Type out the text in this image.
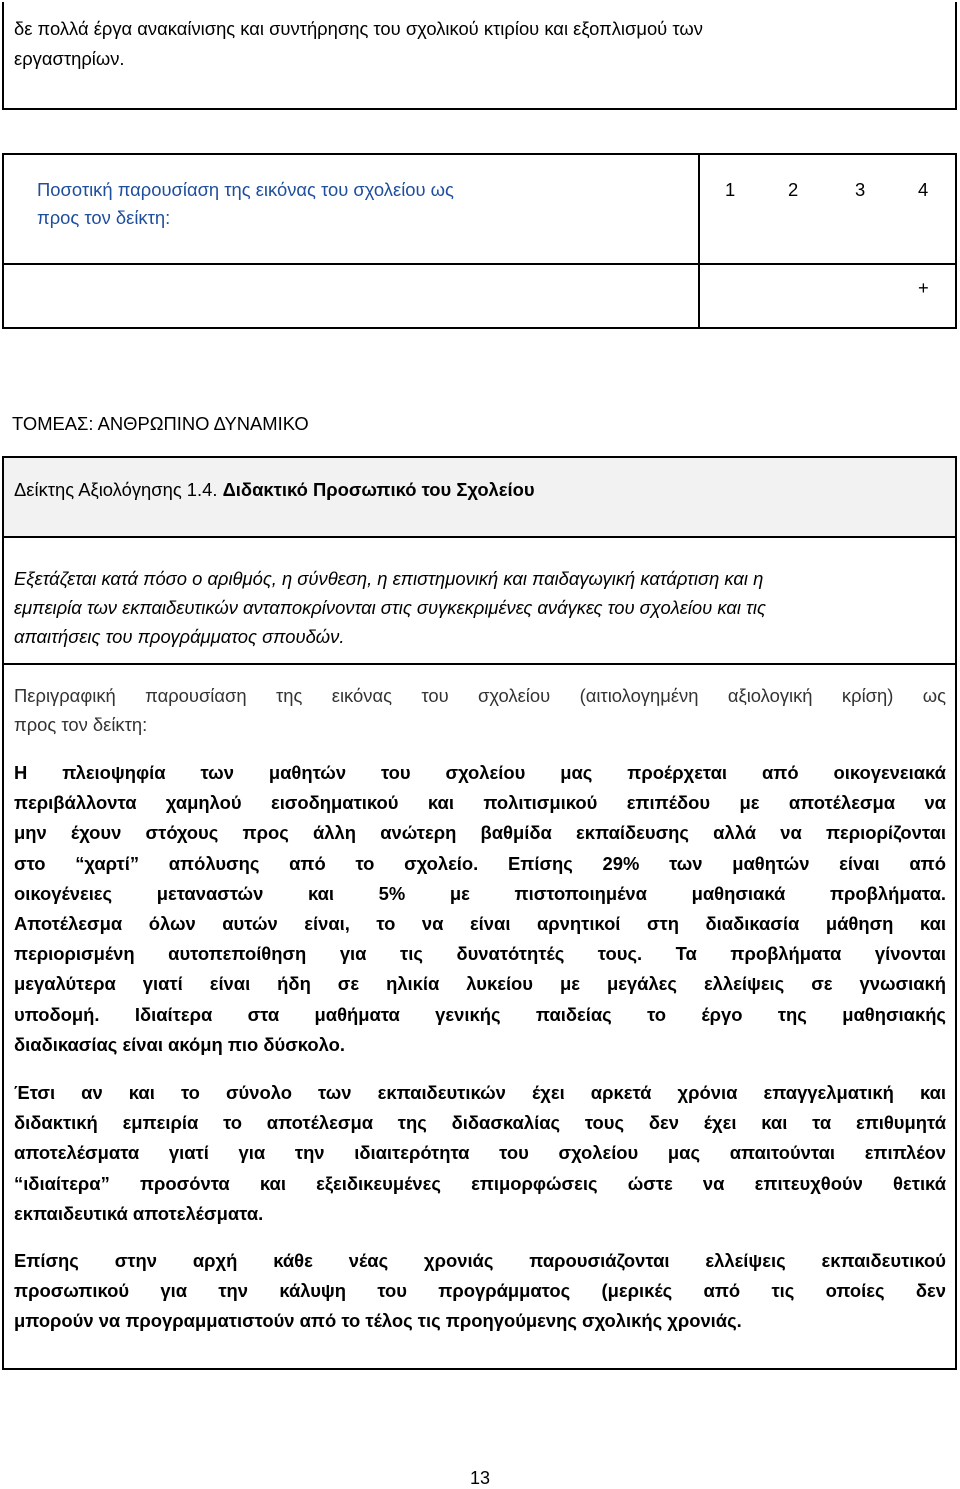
δε πολλά έργα ανακαίνισης και συντήρησης του σχολικού κτιρίου και εξοπλισμού των
εργαστηρίων.
Ποσοτική παρουσίαση της εικόνας του σχολείου ως
προς τον δείκτη:
1	2	3	4
+
ΤΟΜΕΑΣ: ΑΝΘΡΩΠΙΝΟ ΔΥΝΑΜΙΚΟ
Δείκτης Αξιολόγησης 1.4. Διδακτικό Προσωπικό του Σχολείου
Εξετάζεται κατά πόσο ο αριθμός, η σύνθεση, η επιστημονική και παιδαγωγική κατάρτιση και η
εμπειρία των εκπαιδευτικών ανταποκρίνονται στις συγκεκριμένες ανάγκες του σχολείου και τις
απαιτήσεις του προγράμματος σπουδών.
Περιγραφική παρουσίαση της εικόνας του σχολείου (αιτιολογημένη αξιολογική κρίση) ως
προς τον δείκτη:
Η πλειοψηφία των μαθητών του σχολείου μας προέρχεται από οικογενειακά
περιβάλλοντα χαμηλού εισοδηματικού και πολιτισμικού επιπέδου με αποτέλεσμα να
μην έχουν στόχους προς άλλη ανώτερη βαθμίδα εκπαίδευσης αλλά να περιορίζονται
στο “χαρτί” απόλυσης από το σχολείο. Επίσης 29% των μαθητών είναι από
οικογένειες μεταναστών και 5% με πιστοποιημένα μαθησιακά προβλήματα.
Αποτέλεσμα όλων αυτών είναι, το να είναι αρνητικοί στη διαδικασία μάθηση και
περιορισμένη αυτοπεποίθηση για τις δυνατότητές τους. Τα προβλήματα γίνονται
μεγαλύτερα γιατί είναι ήδη σε ηλικία λυκείου με μεγάλες ελλείψεις σε γνωσιακή
υποδομή. Ιδιαίτερα στα μαθήματα γενικής παιδείας το έργο της μαθησιακής
διαδικασίας είναι ακόμη πιο δύσκολο.
Έτσι αν και το σύνολο των εκπαιδευτικών έχει αρκετά χρόνια επαγγελματική και
διδακτική εμπειρία το αποτέλεσμα της διδασκαλίας τους δεν έχει και τα επιθυμητά
αποτελέσματα γιατί για την ιδιαιτερότητα του σχολείου μας απαιτούνται επιπλέον
“ιδιαίτερα” προσόντα και εξειδικευμένες επιμορφώσεις ώστε να επιτευχθούν θετικά
εκπαιδευτικά αποτελέσματα.
Επίσης στην αρχή κάθε νέας χρονιάς παρουσιάζονται ελλείψεις εκπαιδευτικού
προσωπικού για την κάλυψη του προγράμματος (μερικές από τις οποίες δεν
μπορούν να προγραμματιστούν από το τέλος τις προηγούμενης σχολικής χρονιάς.
13
